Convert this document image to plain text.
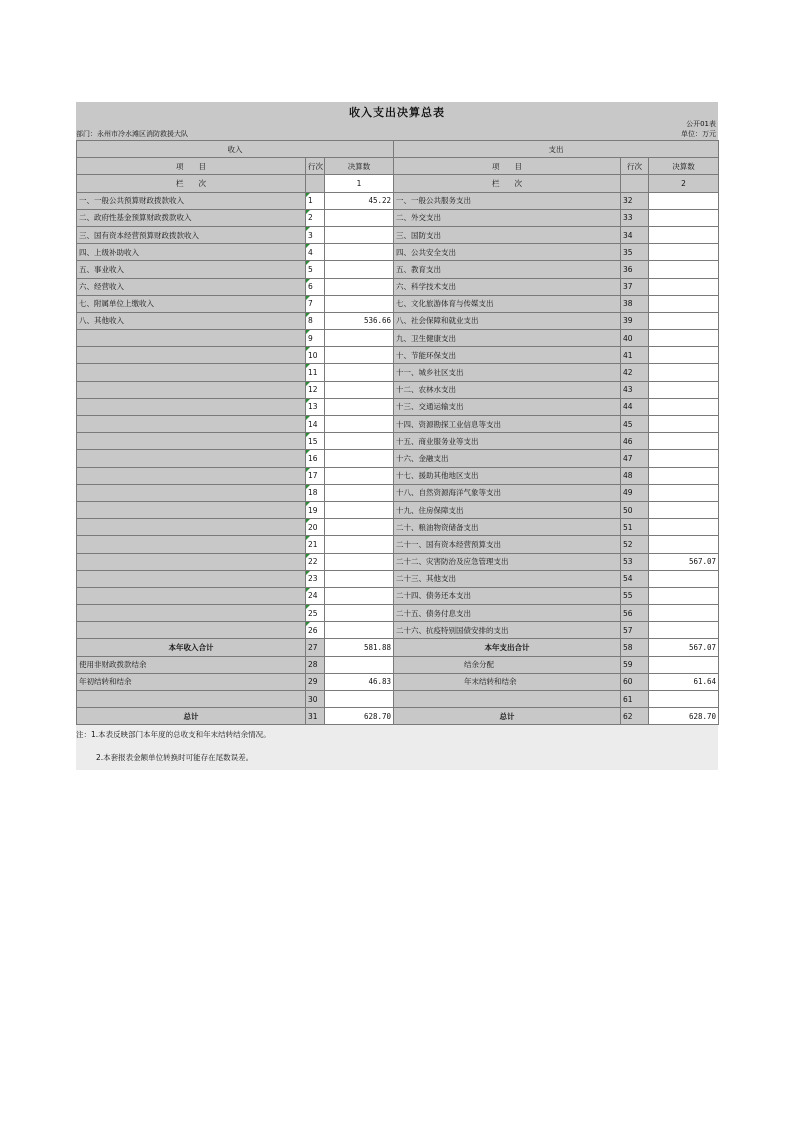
收入支出决算总表
公开01表
部门：永州市冷水滩区消防救援大队	单位：万元
收入			支出		
项　　目	行次	决算数	项　　目	行次	决算数
栏　　次		1	栏　　次		2
一、一般公共预算财政拨款收入	1	45.22	一、一般公共服务支出	32	
二、政府性基金预算财政拨款收入	2		二、外交支出	33	
三、国有资本经营预算财政拨款收入	3		三、国防支出	34	
四、上级补助收入	4		四、公共安全支出	35	
五、事业收入	5		五、教育支出	36	
六、经营收入	6		六、科学技术支出	37	
七、附属单位上缴收入	7		七、文化旅游体育与传媒支出	38	
八、其他收入	8	536.66	八、社会保障和就业支出	39	
	9		九、卫生健康支出	40	
	10		十、节能环保支出	41	
	11		十一、城乡社区支出	42	
	12		十二、农林水支出	43	
	13		十三、交通运输支出	44	
	14		十四、资源勘探工业信息等支出	45	
	15		十五、商业服务业等支出	46	
	16		十六、金融支出	47	
	17		十七、援助其他地区支出	48	
	18		十八、自然资源海洋气象等支出	49	
	19		十九、住房保障支出	50	
	20		二十、粮油物资储备支出	51	
	21		二十一、国有资本经营预算支出	52	
	22		二十二、灾害防治及应急管理支出	53	567.07
	23		二十三、其他支出	54	
	24		二十四、债务还本支出	55	
	25		二十五、债务付息支出	56	
	26		二十六、抗疫特别国债安排的支出	57	
本年收入合计	27	581.88	本年支出合计	58	567.07
使用非财政拨款结余	28		结余分配	59	
年初结转和结余	29	46.83	年末结转和结余	60	61.64
	30			61	
总计	31	628.70	总计	62	628.70
注：1.本表反映部门本年度的总收支和年末结转结余情况。
2.本套报表金额单位转换时可能存在尾数误差。
